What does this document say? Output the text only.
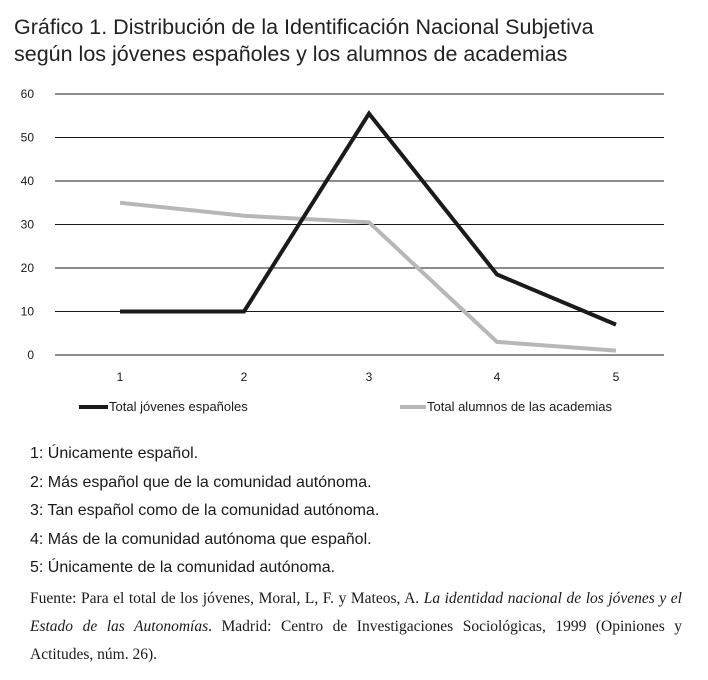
Gráfico 1. Distribución de la Identificación Nacional Subjetiva
según los jóvenes españoles y los alumnos de academias
0
10
20
30
40
50
60
1	2	3	4	5
Total jóvenes españoles	Total alumnos de las academias
1: Únicamente español.
2: Más español que de la comunidad autónoma.
3: Tan español como de la comunidad autónoma.
4: Más de la comunidad autónoma que español.
5: Únicamente de la comunidad autónoma.
Fuente: Para el total de los jóvenes, Moral, L, F. y Mateos, A. La identidad nacional de los jóvenes y el Estado de las Autonomías. Madrid: Centro de Investigaciones Sociológicas, 1999 (Opiniones y Actitudes, núm. 26).
